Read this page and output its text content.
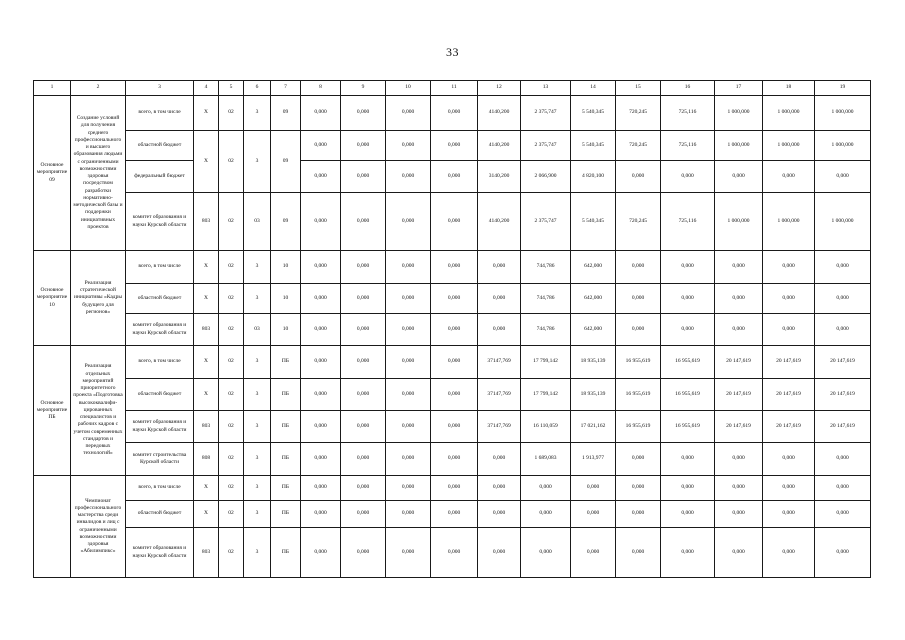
33
1	2	3	4	5	6	7	8	9	10	11	12	13	14	15	16	17	18	19
Основное мероприятие 09	Создание условий для получения среднего профессионального и высшего образования людьми с ограниченными возможностями здоровья посредством разработки нормативно-методической базы и поддержки инициативных проектов	всего, в том числе	X	02	3	09	0,000	0,000	0,000	0,000	4140,200	2 375,747	5 540,345	720,245	725,116	1 000,000	1 000,000	1 000,000
		областной бюджет	X	02	3	09	0,000	0,000	0,000	0,000	4140,200	2 375,747	5 540,345	720,245	725,116	1 000,000	1 000,000	1 000,000
		федеральный бюджет					0,000	0,000	0,000	0,000	3140,200	2 066,900	4 820,100	0,000	0,000	0,000	0,000	0,000
		комитет образования и науки Курской области	803	02	03	09	0,000	0,000	0,000	0,000	4140,200	2 375,747	5 540,345	720,245	725,116	1 000,000	1 000,000	1 000,000
Основное мероприятие 10	Реализация стратегической инициативы «Кадры будущего для регионов»	всего, в том числе	X	02	3	10	0,000	0,000	0,000	0,000	0,000	744,786	642,000	0,000	0,000	0,000	0,000	0,000
		областной бюджет	X	02	3	10	0,000	0,000	0,000	0,000	0,000	744,786	642,000	0,000	0,000	0,000	0,000	0,000
		комитет образования и науки Курской области	803	02	03	10	0,000	0,000	0,000	0,000	0,000	744,786	642,000	0,000	0,000	0,000	0,000	0,000
Основное мероприятие ПБ	Реализация отдельных мероприятий приоритетного проекта «Подготовка высококвалифицированных специалистов и рабочих кадров с учетом современных стандартов и передовых технологий»	всего, в том числе	X	02	3	ПБ	0,000	0,000	0,000	0,000	37147,769	17 799,142	18 935,139	16 955,619	16 955,619	20 147,619	20 147,619	20 147,619
		областной бюджет	X	02	3	ПБ	0,000	0,000	0,000	0,000	37147,769	17 799,142	18 935,139	16 955,619	16 955,619	20 147,619	20 147,619	20 147,619
		комитет образования и науки Курской области	803	02	3	ПБ	0,000	0,000	0,000	0,000	37147,769	16 110,059	17 021,162	16 955,619	16 955,619	20 147,619	20 147,619	20 147,619
		комитет строительства Курской области	808	02	3	ПБ	0,000	0,000	0,000	0,000	0,000	1 689,083	1 913,977	0,000	0,000	0,000	0,000	0,000
	Чемпионат профессионального мастерства среди инвалидов и лиц с ограниченными возможностями здоровья «Абилимпикс»	всего, в том числе	X	02	3	ПБ	0,000	0,000	0,000	0,000	0,000	0,000	0,000	0,000	0,000	0,000	0,000	0,000
		областной бюджет	X	02	3	ПБ	0,000	0,000	0,000	0,000	0,000	0,000	0,000	0,000	0,000	0,000	0,000	0,000
		комитет образования и науки Курской области	803	02	3	ПБ	0,000	0,000	0,000	0,000	0,000	0,000	0,000	0,000	0,000	0,000	0,000	0,000
